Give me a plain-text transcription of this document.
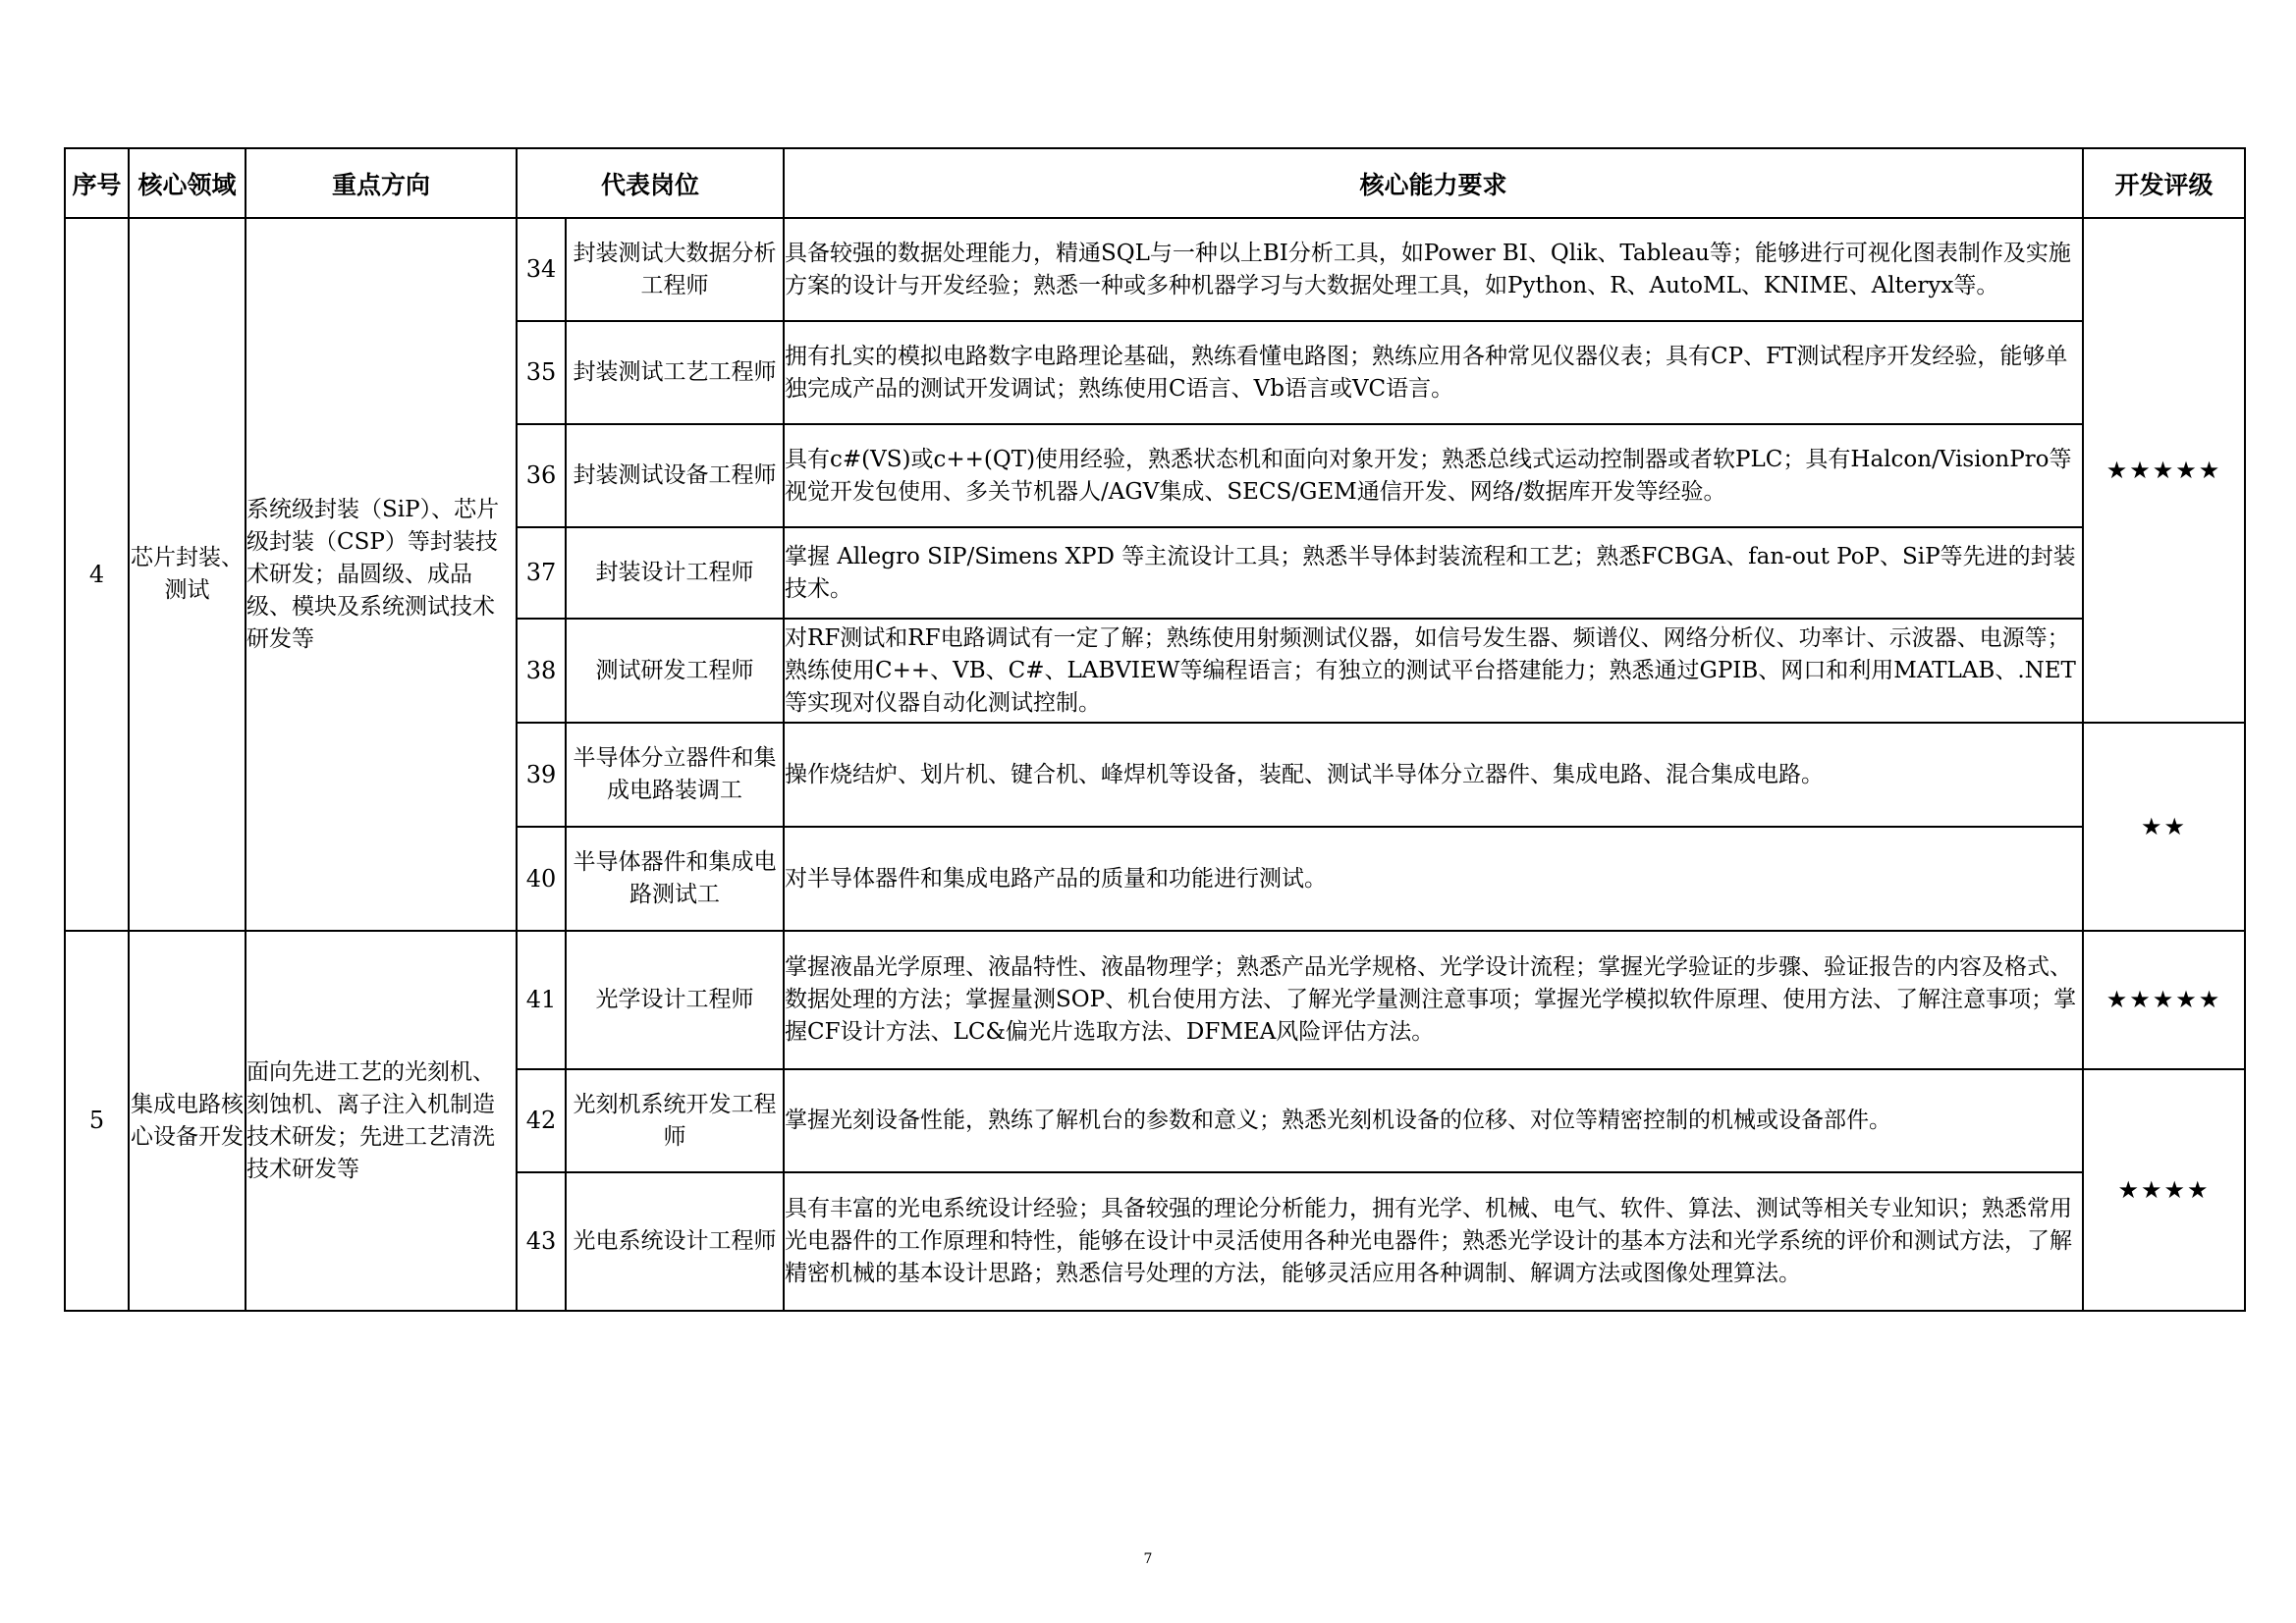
序号	核心领域	重点方向	代表岗位		核心能力要求	开发评级
4	芯片封装、测试	系统级封装（SiP）、芯片级封装（CSP）等封装技术研发；晶圆级、成品级、模块及系统测试技术研发等	34	封装测试大数据分析工程师	具备较强的数据处理能力，精通SQL与一种以上BI分析工具，如Power BI、Qlik、Tableau等；能够进行可视化图表制作及实施方案的设计与开发经验；熟悉一种或多种机器学习与大数据处理工具，如Python、R、AutoML、KNIME、Alteryx等。	★★★★★
			35	封装测试工艺工程师	拥有扎实的模拟电路数字电路理论基础，熟练看懂电路图；熟练应用各种常见仪器仪表；具有CP、FT测试程序开发经验，能够单独完成产品的测试开发调试；熟练使用C语言、Vb语言或VC语言。	
			36	封装测试设备工程师	具有c#(VS)或c++(QT)使用经验，熟悉状态机和面向对象开发；熟悉总线式运动控制器或者软PLC；具有Halcon/VisionPro等视觉开发包使用、多关节机器人/AGV集成、SECS/GEM通信开发、网络/数据库开发等经验。	
			37	封装设计工程师	掌握 Allegro SIP/Simens XPD 等主流设计工具；熟悉半导体封装流程和工艺；熟悉FCBGA、fan-out PoP、SiP等先进的封装技术。	
			38	测试研发工程师	对RF测试和RF电路调试有一定了解；熟练使用射频测试仪器，如信号发生器、频谱仪、网络分析仪、功率计、示波器、电源等；熟练使用C++、VB、C#、LABVIEW等编程语言；有独立的测试平台搭建能力；熟悉通过GPIB、网口和利用MATLAB、.NET等实现对仪器自动化测试控制。	
			39	半导体分立器件和集成电路装调工	操作烧结炉、划片机、键合机、峰焊机等设备，装配、测试半导体分立器件、集成电路、混合集成电路。	★★
			40	半导体器件和集成电路测试工	对半导体器件和集成电路产品的质量和功能进行测试。	
5	集成电路核心设备开发	面向先进工艺的光刻机、刻蚀机、离子注入机制造技术研发；先进工艺清洗技术研发等	41	光学设计工程师	掌握液晶光学原理、液晶特性、液晶物理学；熟悉产品光学规格、光学设计流程；掌握光学验证的步骤、验证报告的内容及格式、数据处理的方法；掌握量测SOP、机台使用方法、了解光学量测注意事项；掌握光学模拟软件原理、使用方法、了解注意事项；掌握CF设计方法、LC&偏光片选取方法、DFMEA风险评估方法。	★★★★★
			42	光刻机系统开发工程师	掌握光刻设备性能，熟练了解机台的参数和意义；熟悉光刻机设备的位移、对位等精密控制的机械或设备部件。	★★★★
			43	光电系统设计工程师	具有丰富的光电系统设计经验；具备较强的理论分析能力，拥有光学、机械、电气、软件、算法、测试等相关专业知识；熟悉常用光电器件的工作原理和特性，能够在设计中灵活使用各种光电器件；熟悉光学设计的基本方法和光学系统的评价和测试方法，了解精密机械的基本设计思路；熟悉信号处理的方法，能够灵活应用各种调制、解调方法或图像处理算法。	
7
